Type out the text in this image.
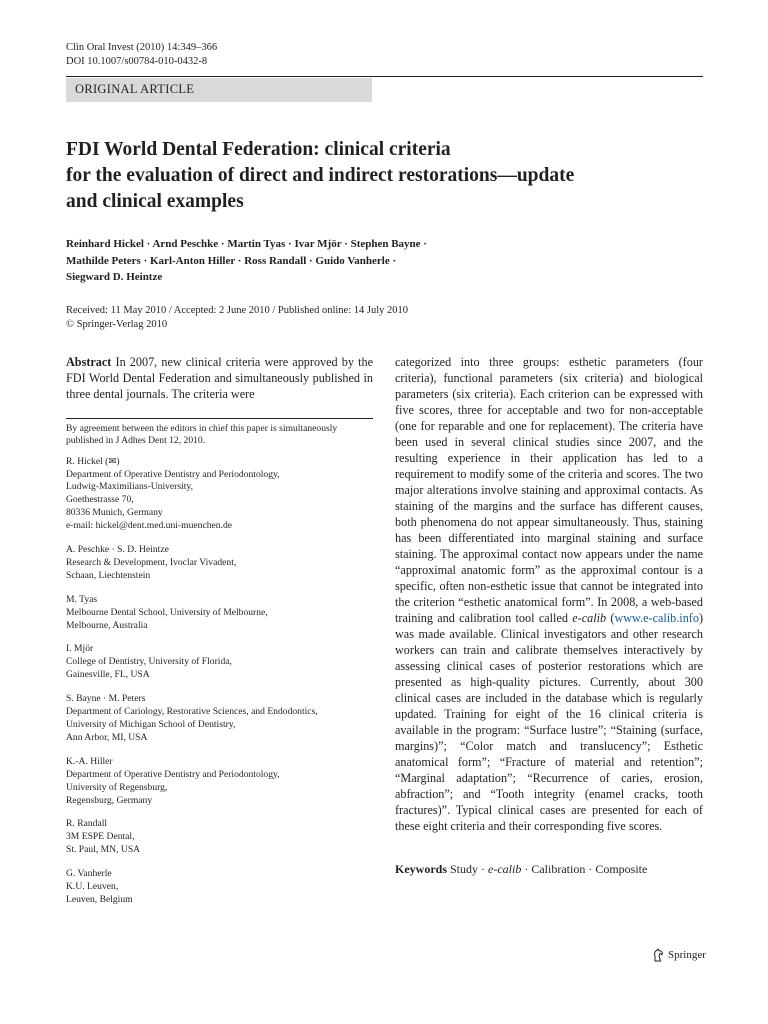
Clin Oral Invest (2010) 14:349–366
DOI 10.1007/s00784-010-0432-8
ORIGINAL ARTICLE
FDI World Dental Federation: clinical criteria
for the evaluation of direct and indirect restorations—update
and clinical examples
Reinhard Hickel · Arnd Peschke · Martin Tyas · Ivar Mjör · Stephen Bayne ·
Mathilde Peters · Karl-Anton Hiller · Ross Randall · Guido Vanherle ·
Siegward D. Heintze
Received: 11 May 2010 / Accepted: 2 June 2010 / Published online: 14 July 2010
© Springer-Verlag 2010

Abstract In 2007, new clinical criteria were approved by the FDI World Dental Federation and simultaneously published in three dental journals. The criteria were

By agreement between the editors in chief this paper is simultaneously published in J Adhes Dent 12, 2010.
R. Hickel (✉)
Department of Operative Dentistry and Periodontology,
Ludwig-Maximilians-University,
Goethestrasse 70,
80336 Munich, Germany
e-mail: hickel@dent.med.uni-muenchen.de
A. Peschke · S. D. Heintze
Research & Development, Ivoclar Vivadent,
Schaan, Liechtenstein
M. Tyas
Melbourne Dental School, University of Melbourne,
Melbourne, Australia
I. Mjör
College of Dentistry, University of Florida,
Gainesville, FL, USA
S. Bayne · M. Peters
Department of Cariology, Restorative Sciences, and Endodontics,
University of Michigan School of Dentistry,
Ann Arbor, MI, USA
K.-A. Hiller
Department of Operative Dentistry and Periodontology,
University of Regensburg,
Regensburg, Germany
R. Randall
3M ESPE Dental,
St. Paul, MN, USA
G. Vanherle
K.U. Leuven,
Leuven, Belgium

categorized into three groups: esthetic parameters (four criteria), functional parameters (six criteria) and biological parameters (six criteria). Each criterion can be expressed with five scores, three for acceptable and two for non-acceptable (one for reparable and one for replacement). The criteria have been used in several clinical studies since 2007, and the resulting experience in their application has led to a requirement to modify some of the criteria and scores. The two major alterations involve staining and approximal contacts. As staining of the margins and the surface has different causes, both phenomena do not appear simultaneously. Thus, staining has been differentiated into marginal staining and surface staining. The approximal contact now appears under the name “approximal anatomic form” as the approximal contour is a specific, often non-esthetic issue that cannot be integrated into the criterion “esthetic anatomical form”. In 2008, a web-based training and calibration tool called e-calib (www.e-calib.info) was made available. Clinical investigators and other research workers can train and calibrate themselves interactively by assessing clinical cases of posterior restorations which are presented as high-quality pictures. Currently, about 300 clinical cases are included in the database which is regularly updated. Training for eight of the 16 clinical criteria is available in the program: “Surface lustre”; “Staining (surface, margins)”; “Color match and translucency”; Esthetic anatomical form”; “Fracture of material and retention”; “Marginal adaptation”; “Recurrence of caries, erosion, abfraction”; and “Tooth integrity (enamel cracks, tooth fractures)”. Typical clinical cases are presented for each of these eight criteria and their corresponding five scores.

Keywords Study · e-calib · Calibration · Composite
Springer
